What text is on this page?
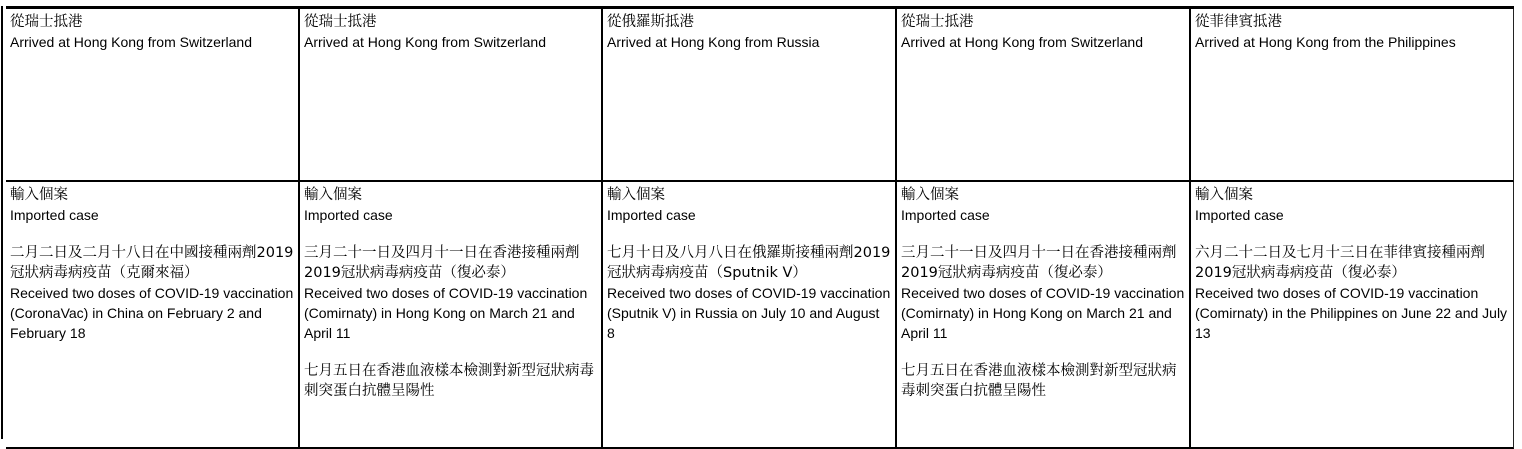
從瑞士抵港
Arrived at Hong Kong from Switzerland
從瑞士抵港
Arrived at Hong Kong from Switzerland
從俄羅斯抵港
Arrived at Hong Kong from Russia
從瑞士抵港
Arrived at Hong Kong from Switzerland
從菲律賓抵港
Arrived at Hong Kong from the Philippines
輸入個案
Imported case
二月二日及二月十八日在中國接種兩劑2019冠狀病毒病疫苗（克爾來福）
Received two doses of COVID-19 vaccination (CoronaVac) in China on February 2 and February 18
輸入個案
Imported case
三月二十一日及四月十一日在香港接種兩劑2019冠狀病毒病疫苗（復必泰）
Received two doses of COVID-19 vaccination (Comirnaty) in Hong Kong on March 21 and April 11
七月五日在香港血液樣本檢測對新型冠狀病毒刺突蛋白抗體呈陽性
輸入個案
Imported case
七月十日及八月八日在俄羅斯接種兩劑2019冠狀病毒病疫苗（Sputnik V）
Received two doses of COVID-19 vaccination (Sputnik V) in Russia on July 10 and August 8
輸入個案
Imported case
三月二十一日及四月十一日在香港接種兩劑2019冠狀病毒病疫苗（復必泰）
Received two doses of COVID-19 vaccination (Comirnaty) in Hong Kong on March 21 and April 11
七月五日在香港血液樣本檢測對新型冠狀病毒刺突蛋白抗體呈陽性
輸入個案
Imported case
六月二十二日及七月十三日在菲律賓接種兩劑2019冠狀病毒病疫苗（復必泰）
Received two doses of COVID-19 vaccination (Comirnaty) in the Philippines on June 22 and July 13
